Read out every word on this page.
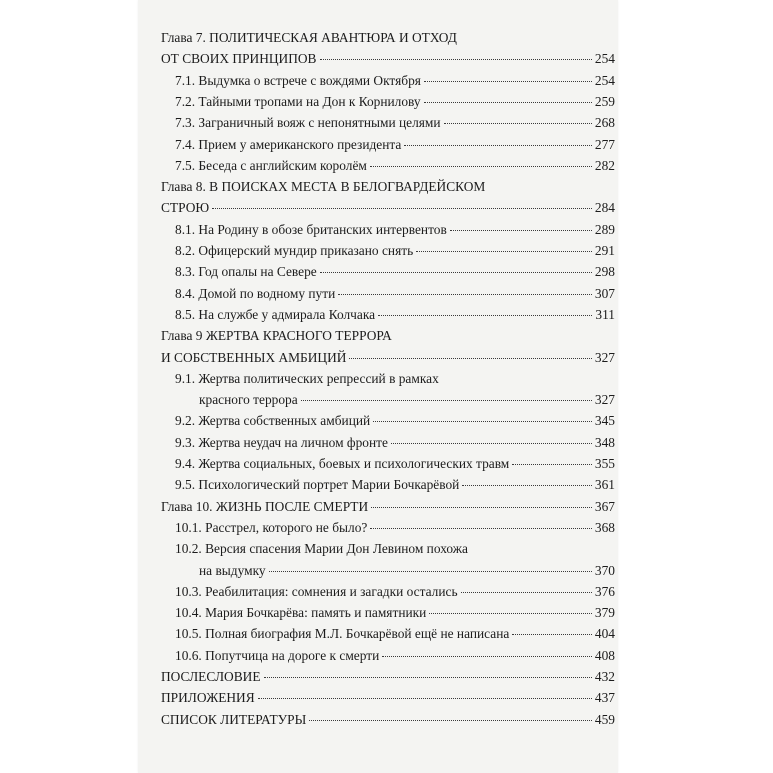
Глава 7. ПОЛИТИЧЕСКАЯ АВАНТЮРА И ОТХОД
ОТ СВОИХ ПРИНЦИПОВ	254
7.1. Выдумка о встрече с вождями Октября	254
7.2. Тайными тропами на Дон к Корнилову	259
7.3. Заграничный вояж с непонятными целями	268
7.4. Прием у американского президента	277
7.5. Беседа с английским королём	282
Глава 8. В ПОИСКАХ МЕСТА В БЕЛОГВАРДЕЙСКОМ
СТРОЮ	284
8.1. На Родину в обозе британских интервентов	289
8.2. Офицерский мундир приказано снять	291
8.3. Год опалы на Севере	298
8.4. Домой по водному пути	307
8.5. На службе у адмирала Колчака	311
Глава 9 ЖЕРТВА КРАСНОГО ТЕРРОРА
И СОБСТВЕННЫХ АМБИЦИЙ	327
9.1. Жертва политических репрессий в рамках
красного террора	327
9.2. Жертва собственных амбиций	345
9.3. Жертва неудач на личном фронте	348
9.4. Жертва социальных, боевых и психологических травм	355
9.5. Психологический портрет Марии Бочкарёвой	361
Глава 10. ЖИЗНЬ ПОСЛЕ СМЕРТИ	367
10.1. Расстрел, которого не было?	368
10.2. Версия спасения Марии Дон Левином похожа
на выдумку	370
10.3. Реабилитация: сомнения и загадки остались	376
10.4. Мария Бочкарёва: память и памятники	379
10.5. Полная биография М.Л. Бочкарёвой ещё не написана	404
10.6. Попутчица на дороге к смерти	408
ПОСЛЕСЛОВИЕ	432
ПРИЛОЖЕНИЯ	437
СПИСОК ЛИТЕРАТУРЫ	459
